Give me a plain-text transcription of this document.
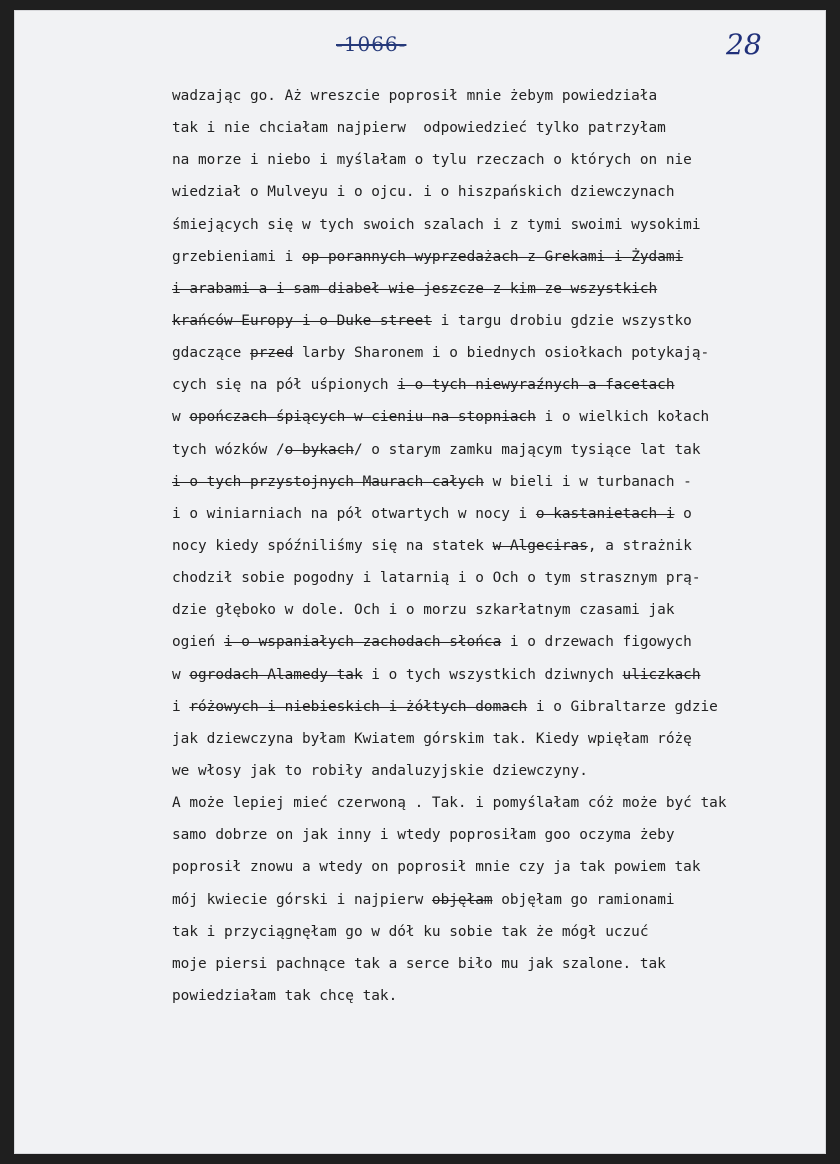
-1066-	28
wadzając go. Aż wreszcie poprosił mnie żebym powiedziała
tak i nie chciałam najpierw  odpowiedzieć tylko patrzyłam
na morze i niebo i myślałam o tylu rzeczach o których on nie
wiedział o Mulveyu i o ojcu. i o hiszpańskich dziewczynach
śmiejących się w tych swoich szalach i z tymi swoimi wysokimi
grzebieniami i op porannych wyprzedażach z Grekami i Żydami
i arabami a i sam diabeł wie jeszcze z kim ze wszystkich
krańców Europy i o Duke street i targu drobiu gdzie wszystko
gdaczące przed larby Sharonem i o biednych osiołkach potykają-
cych się na pół uśpionych i o tych niewyraźnych a facetach
w opończach śpiących w cieniu na stopniach i o wielkich kołach
tych wózków /o bykach/ o starym zamku mającym tysiące lat tak
i o tych przystojnych Maurach całych w bieli i w turbanach -
i o winiarniach na pół otwartych w nocy i o kastanietach i o
nocy kiedy spóźniliśmy się na statek w Algeciras, a strażnik
chodził sobie pogodny i latarnią i o Och o tym strasznym prą-
dzie głęboko w dole. Och i o morzu szkarłatnym czasami jak
ogień i o wspaniałych zachodach słońca i o drzewach figowych
w ogrodach Alamedy tak i o tych wszystkich dziwnych uliczkach
i różowych i niebieskich i żółtych domach i o Gibraltarze gdzie
jak dziewczyna byłam Kwiatem górskim tak. Kiedy wpięłam różę
we włosy jak to robiły andaluzyjskie dziewczyny.
A może lepiej mieć czerwoną . Tak. i pomyślałam cóż może być tak
samo dobrze on jak inny i wtedy poprosiłam goo oczyma żeby
poprosił znowu a wtedy on poprosił mnie czy ja tak powiem tak
mój kwiecie górski i najpierw objęłam objęłam go ramionami
tak i przyciągnęłam go w dół ku sobie tak że mógł uczuć
moje piersi pachnące tak a serce biło mu jak szalone. tak
powiedziałam tak chcę tak.
